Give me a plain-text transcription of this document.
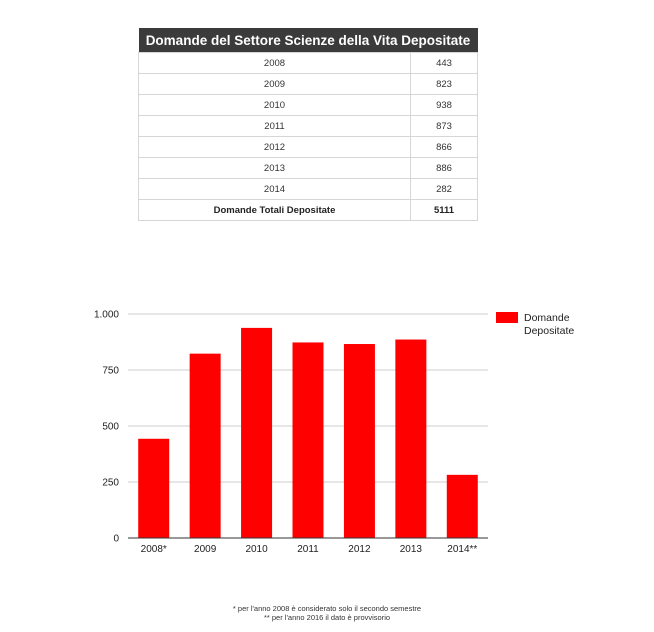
Domande del Settore Scienze della Vita Depositate	
2008	443
2009	823
2010	938
2011	873
2012	866
2013	886
2014	282
Domande Totali Depositate	5111
0
250
500
750
1.000
2008*	2009	2010	2011	2012	2013	2014**
Domande
Depositate
* per l'anno 2008 è considerato solo il secondo semestre
** per l'anno 2016 il dato è provvisorio
